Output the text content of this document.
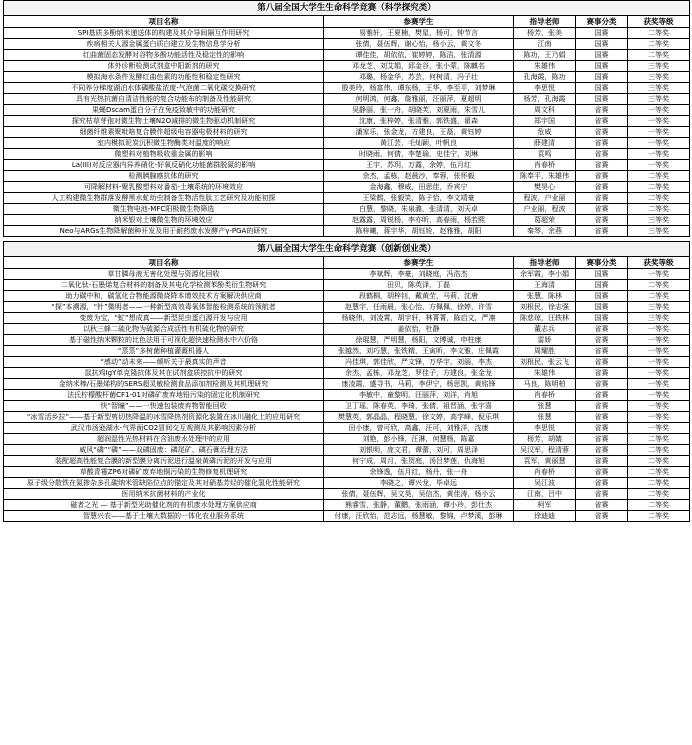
第八届全国大学生生命科学竞赛（科学探究类）				
项目名称	参赛学生	指导老师	赛事分类	获奖等级
SPI基质多酚纳米递送体的构建及其介导间隔互作用研究	易雅轩，王夏楠，樊星，杨可，钟节言	杨芳，张美	国赛	二等奖
疾病相关人源金属蛋白质白建立及生物信息学分析	张倩，聂伍辉，谢心怡，杨小云，黄文冬	江南	国赛	二等奖
红曲菌固态发酵对谷物多酚功能活性及稳定性的影响	谭佳佳，胡依依，崔婷婷，陈洁，张清源	陈功，王乃娟	国赛	二等奖
体外诊断检测试剂盒中阳新剂的研究	邓龙芝，刘艾娟，邱金谷，张小蒙，陈麒名	朱雄伟	国赛	三等奖
模拟海水条件发酵红曲色素的功能性和稳定性研究	邓璐，杨金华，苏芸，何树清，冯子壮	孔海霞，陈功	国赛	三等奖
不同养分梯度湖泊水体磷酸盐浓度-气泡菌二氧化碳交换研究	殷美玲，杨富伟，谭东杨，王华，李至平，刘梦琳	李思悦	国赛	三等奖
具有光热抗菌自清洁性能的复合功能布的制备及性能研究	何明鸿，何鑫，詹雅丽，汪丽萍，夏超明	杨芳，孔海霞	国赛	三等奖
果蝇Dscam蛋白分子在免疫致敏中的功能研究	吴静丽，张一舟，胡晓芙，刘夏雨，朱雪儿	周文科	省赛	一等奖
探究枯草芽孢对微生物土壤N2O减排的微生物驱动机制研究	沈康，张梓婷，张清雅，郭铁盛，翟森	郑宇国	省赛	一等奖
细菌纤维素聚吡咯复合膜作超级电容器电极材料的研究	潘家乐，张金龙，方建良，王磊，黄钰婷	危威	省赛	一等奖
室内模拟泥炭沉积微生物酶类对温度的响应	黄江芸，毛灿颖，叶帆良	薛建清	省赛	一等奖
微塑料对植物吸收重金属的影响	时晓雨，何倩，李楚瑜，史佳宁，刘琳	袁鸣	省赛	一等奖
La(III)对反应器内异养硝化-好氧反硝化功能菌群脱氮的影响	王宇，苏玥，万露，余婷，伍月红	肖春桥	省赛	一等奖
检测胰腺癌抗体的研究	余杰，孟栋，赵晨沙，奉蓉，张怀毅	陈奉平，朱雄伟	省赛	二等奖
可降解材料-聚乳酸塑料对番茄-土壤系统的环境效应	金海鑫，穆威，田思佳，乔宾宁	樊昊心	省赛	二等奖
人工构建微生物群落发酵黑水虻幼虫制备生物活性肽工艺研究及功能初探	王梁鹤，张毅笑，陈子恰，李文靖豪	程波，户业丽	省赛	二等奖
微生物电池-MFC阳极微生物筛选	白慧，黎晓，朱泉潞，张清清，刘天卓	户业丽，程波	省赛	二等奖
纳米银对土壤微生物的环境效应	赵露露，周锐杨，李亦昕，高春雨，杨若熙	葛超荣	省赛	三等奖
Neo与ARGs生物降解菌种开发及用于耐药废水发酵产γ-PGA的研究	陈梓曦，蒋宇华，胡钰铨，赵雅雅，胡阳	秦琴，余燕	省赛	三等奖

第八届全国大学生生命科学竞赛（创新创业类）				
项目名称	参赛学生	指导老师	赛事分类	获奖等级
草甘膦母液无害化处理与资源化回收	李斌辉，李豪，刘晓庭，冯浩杰	余军霞，李小娟	国赛	一等奖
二氧化钛-石墨烯复合材料的制备及其电化学检测苯酚类衍生物研究	田贝，陈英泽，丁磊	王海清	国赛	二等奖
助力碳中和，碳氢化合物能源微烧降本增效技术方案解决供应商	段鹤桐，胡梓钊，戴黄茔，马莉，沈唐	张慧，陈林	国赛	二等奖
“探”本溯源，“针”微明者——一种新型高效毒氧体智能检测系统的领航者	赵慧宇，任雨晨，张心怡，方佩佩，徐婷，许雪	刘根民，徐志强	国赛	三等奖
变废为宝，“虻”想成真——新型昆虫蛋白源开发与应用	杨晓伟，刘凌霄，胡宇轩，林菁菁，陈启文，严凛	陈慈琼，汪轶林	国赛	三等奖
以秋三蜂二硫化物为硫源合成活性有机硫化物的研究	姜依怡，杜静	董志兵	省赛	一等奖
基于磁性纳米颗粒的比色法用于可视化超快速检测水中六价铬	徐琨慧，严明慧，杨阳，文博诚，申柱康	雷娇	省赛	一等奖
“蒸蒸”多树菌种植灌溉机器人	张越然，刘巧慧，张铁精，王寅昕，李文雅，庄佩霞	周耀胜	省赛	一等奖
“感动”动未来——倾听关于最真实的声音	冯佳琪，郭佳欣，严文锋，万华宇，刘丽，李杰	刘根民，张云飞	省赛	一等奖
鼠抗鸡IgY单克隆抗体及其在试剂盒质控抗中的研究	余杰，孟栋，邓龙芝，罗佳子，方建良，张金龙	朱雄伟	省赛	一等奖
金纳米棒/石墨烯构的SERS超灵敏检测食品添加剂检测及其机理研究	康凌霞，盛寻书，马莉，李伊宁，杨思凯，黄铭锋	马良，陈明柏	省赛	一等奖
法氏柠檬酸杆菌CF1-01对磷矿废弃地铅污染的固定化机制研究	李敏中，童黎明，汪丽萍，刘洋，肖旭	肖春桥	省赛	一等奖
快“智瞳”——一快速包装废弃物智能回收	卫丁瑶，陈春英，李琦，张倩，祖晋涵，张宇喜	张慧	省赛	一等奖
“冰雪活乡拉”——基于新型剪切热降温的冰雪降热剂资源化装置在冰川融化上的应用研究	樊慧英，郭晶晶，程晓慧，徐文婷，高学峰，倪乐琪	张慧	省赛	一等奖
武汉市汤逊湖水-气界面CO2冒间交互观测及其影响因素分析	田小康，曾可欣，高鑫，汪可，刘雅洋，沈康	李思悦	省赛	一等奖
超润湿性光热材料在含油废水处理中的应用	刘艳，彭小锋，汪淋，何慧杨，陈嘉	杨芳，胡婧	省赛	二等奖
威风“磷”“磷”——双磷固废：磷尾矿、磷石膏治理方法	刘银明，庞文君，谭蕾，刘可，周思泽	吴汉军，程清蓉	省赛	二等奖
装配超高性能复合膜的新型膜分离污泥进行温泉黄磷污泥的开发与应用	何宁成，周月，张贺庭，汤吕梦莲，仇海旭	袁军，黄丽慧	省赛	二等奖
草酸青霉ZP6对磷矿废弃地铜污染的生物修复机理研究	余锋逸，伍月红，杨丹，张一舟	肖春桥	省赛	二等奖
原子级分散铁在氮掺杂多孔碳纳米管缺陷位点的锚定及其对硝基芳烃的催化氢化性能研究	李晓之，谭兴龙，毕卓远	吴江波	省赛	二等奖
医用纳米抗菌材料的产业化	张倩，聂伍辉，吴文昊，吴信杰，黄佳涛，杨小云	江南，吕中	省赛	二等奖
磁者之光 — 基于新型光助催化剂的有机废水处理方案供应商	熊睿雪，张静，董鹏，张雨涵，谭小玲，彭仕杰	柯军	省赛	二等奖
智慧兴农——基于土壤大数据的一体化农业服务系统	付康，汪欣怡，范志远，杨慧敏，黎锦，卢梦溪，彭琳	徐迪迪	省赛	二等奖
